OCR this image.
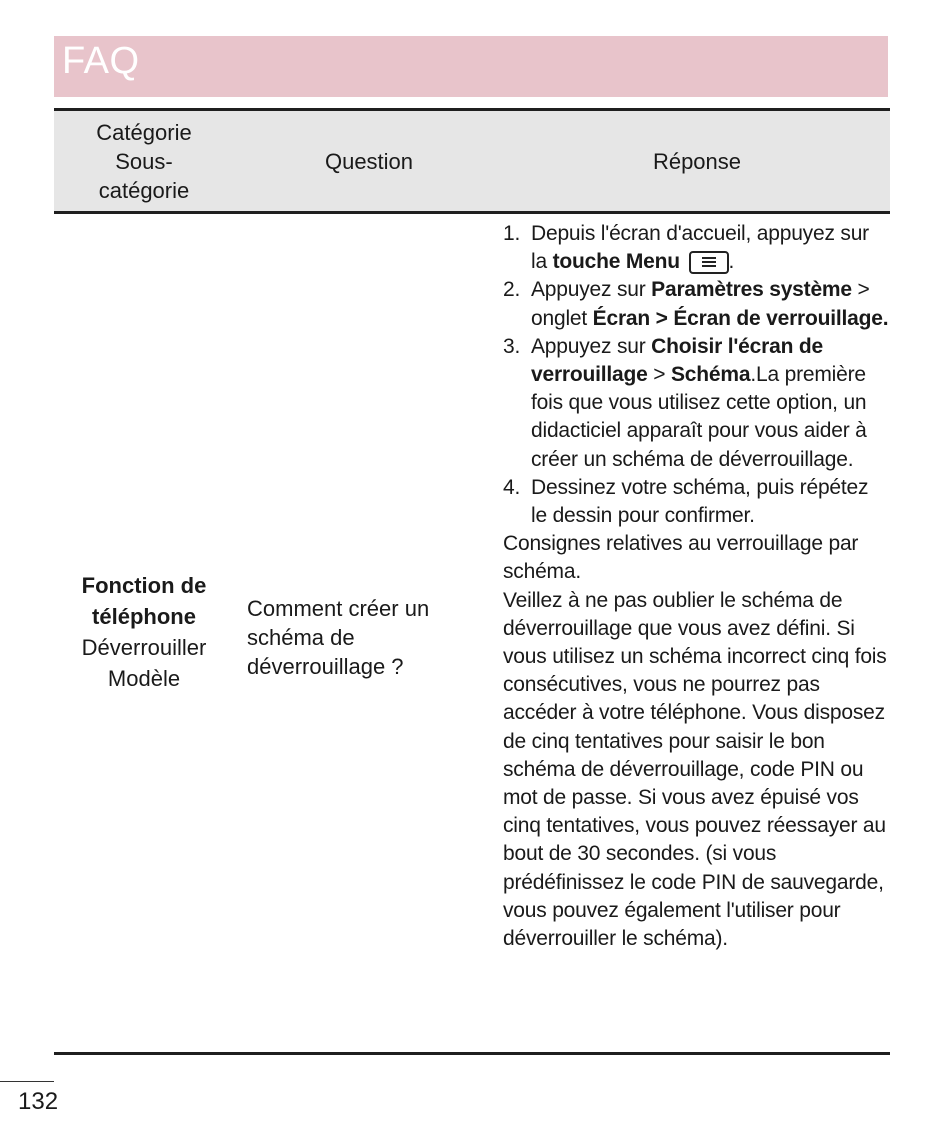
FAQ
Catégorie
Sous-
catégorie
Question	Réponse
Fonction de
téléphone
Déverrouiller
Modèle
Comment créer un schéma de déverrouillage ?
1. Depuis l'écran d'accueil, appuyez sur la touche Menu .
2. Appuyez sur Paramètres système > onglet Écran > Écran de verrouillage.
3. Appuyez sur Choisir l'écran de verrouillage > Schéma.La première fois que vous utilisez cette option, un didacticiel apparaît pour vous aider à créer un schéma de déverrouillage.
4. Dessinez votre schéma, puis répétez le dessin pour confirmer.
Consignes relatives au verrouillage par schéma.
Veillez à ne pas oublier le schéma de déverrouillage que vous avez défini. Si vous utilisez un schéma incorrect cinq fois consécutives, vous ne pourrez pas accéder à votre téléphone. Vous disposez de cinq tentatives pour saisir le bon schéma de déverrouillage, code PIN ou mot de passe. Si vous avez épuisé vos cinq tentatives, vous pouvez réessayer au bout de 30 secondes. (si vous prédéfinissez le code PIN de sauvegarde, vous pouvez également l'utiliser pour déverrouiller le schéma).
132
